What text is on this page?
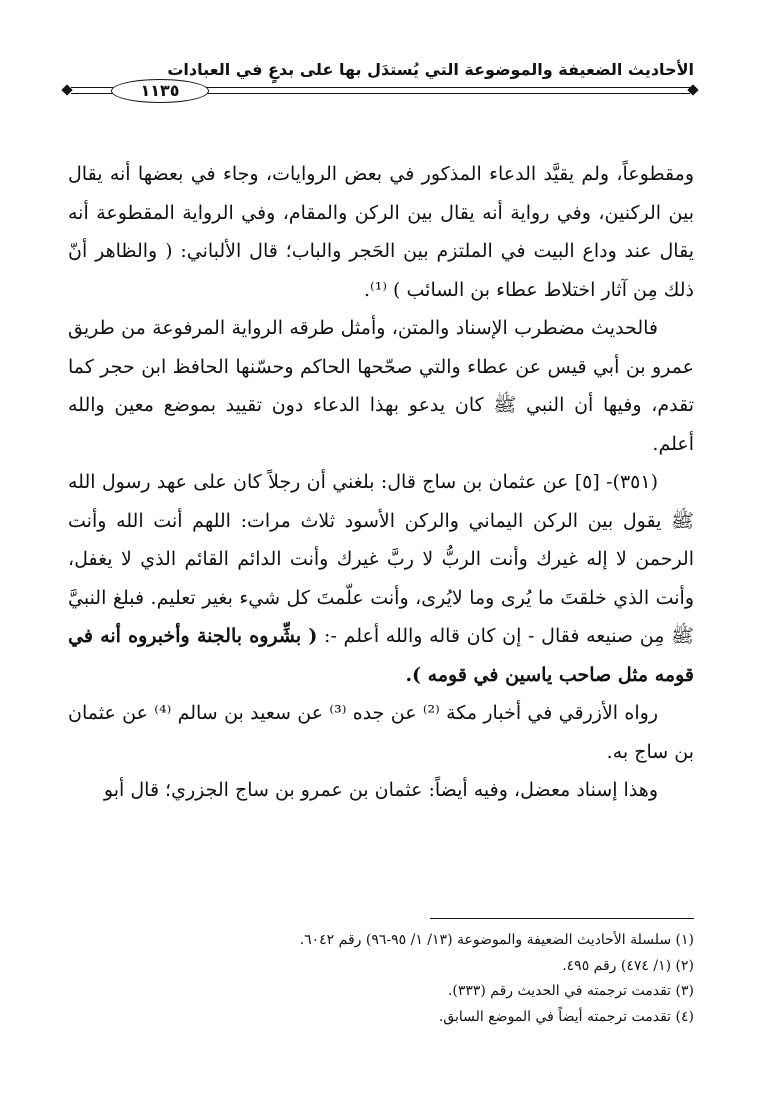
الأحاديث الضعيفة والموضوعة التي يُستدَل بها على بدعٍ في العبادات
١١٣٥

ومقطوعاً، ولم يقيَّد الدعاء المذكور في بعض الروايات، وجاء في بعضها أنه يقال بين الركنين، وفي رواية أنه يقال بين الركن والمقام، وفي الرواية المقطوعة أنه يقال عند وداع البيت في الملتزم بين الحَجر والباب؛ قال الألباني: ( والظاهر أنّ ذلك مِن آثار اختلاط عطاء بن السائب ) ⁽¹⁾.

فالحديث مضطرب الإسناد والمتن، وأمثل طرقه الرواية المرفوعة من طريق عمرو بن أبي قيس عن عطاء والتي صحّحها الحاكم وحسّنها الحافظ ابن حجر كما تقدم، وفيها أن النبي ﷺ كان يدعو بهذا الدعاء دون تقييد بموضع معين والله أعلم.

(٣٥١)- [٥] عن عثمان بن ساج قال: بلغني أن رجلاً كان على عهد رسول الله ﷺ يقول بين الركن اليماني والركن الأسود ثلاث مرات: اللهم أنت الله وأنت الرحمن لا إله غيرك وأنت الربُّ لا ربَّ غيرك وأنت الدائم القائم الذي لا يغفل، وأنت الذي خلقتَ ما يُرى وما لايُرى، وأنت علّمتَ كل شيء بغير تعليم. فبلغ النبيَّ ﷺ مِن صنيعه فقال - إن كان قاله والله أعلم -: ( بشِّروه بالجنة وأخبروه أنه في قومه مثل صاحب ياسين في قومه ).

رواه الأزرقي في أخبار مكة ⁽²⁾ عن جده ⁽³⁾ عن سعيد بن سالم ⁽⁴⁾ عن عثمان بن ساج به.

وهذا إسناد معضل، وفيه أيضاً: عثمان بن عمرو بن ساج الجزري؛ قال أبو

(١) سلسلة الأحاديث الضعيفة والموضوعة (١٣/ ١/ ٩٥-٩٦) رقم ٦٠٤٢.
(٢) (١/ ٤٧٤) رقم ٤٩٥.
(٣) تقدمت ترجمته في الحديث رقم (٣٣٣).
(٤) تقدمت ترجمته أيضاً في الموضع السابق.
